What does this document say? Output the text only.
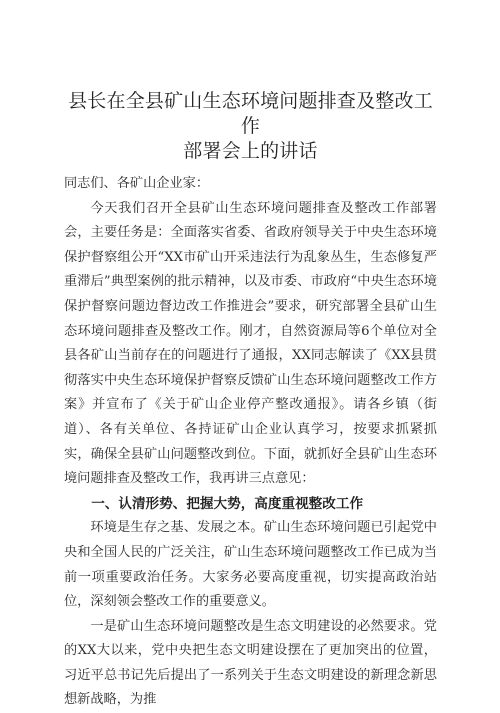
县长在全县矿山生态环境问题排查及整改工作
部署会上的讲话

同志们、各矿山企业家：

今天我们召开全县矿山生态环境问题排查及整改工作部署会，主要任务是：全面落实省委、省政府领导关于中央生态环境保护督察组公开“XX市矿山开采违法行为乱象丛生，生态修复严重滞后”典型案例的批示精神，以及市委、市政府“中央生态环境保护督察问题边督边改工作推进会”要求，研究部署全县矿山生态环境问题排查及整改工作。刚才，自然资源局等6个单位对全县各矿山当前存在的问题进行了通报，XX同志解读了《XX县贯彻落实中央生态环境保护督察反馈矿山生态环境问题整改工作方案》并宣布了《关于矿山企业停产整改通报》。请各乡镇（街道）、各有关单位、各持证矿山企业认真学习，按要求抓紧抓实，确保全县矿山问题整改到位。下面，就抓好全县矿山生态环境问题排查及整改工作，我再讲三点意见：

一、认清形势、把握大势，高度重视整改工作

环境是生存之基、发展之本。矿山生态环境问题已引起党中央和全国人民的广泛关注，矿山生态环境问题整改工作已成为当前一项重要政治任务。大家务必要高度重视，切实提高政治站位，深刻领会整改工作的重要意义。

一是矿山生态环境问题整改是生态文明建设的必然要求。党的XX大以来，党中央把生态文明建设摆在了更加突出的位置，习近平总书记先后提出了一系列关于生态文明建设的新理念新思想新战略，为推
